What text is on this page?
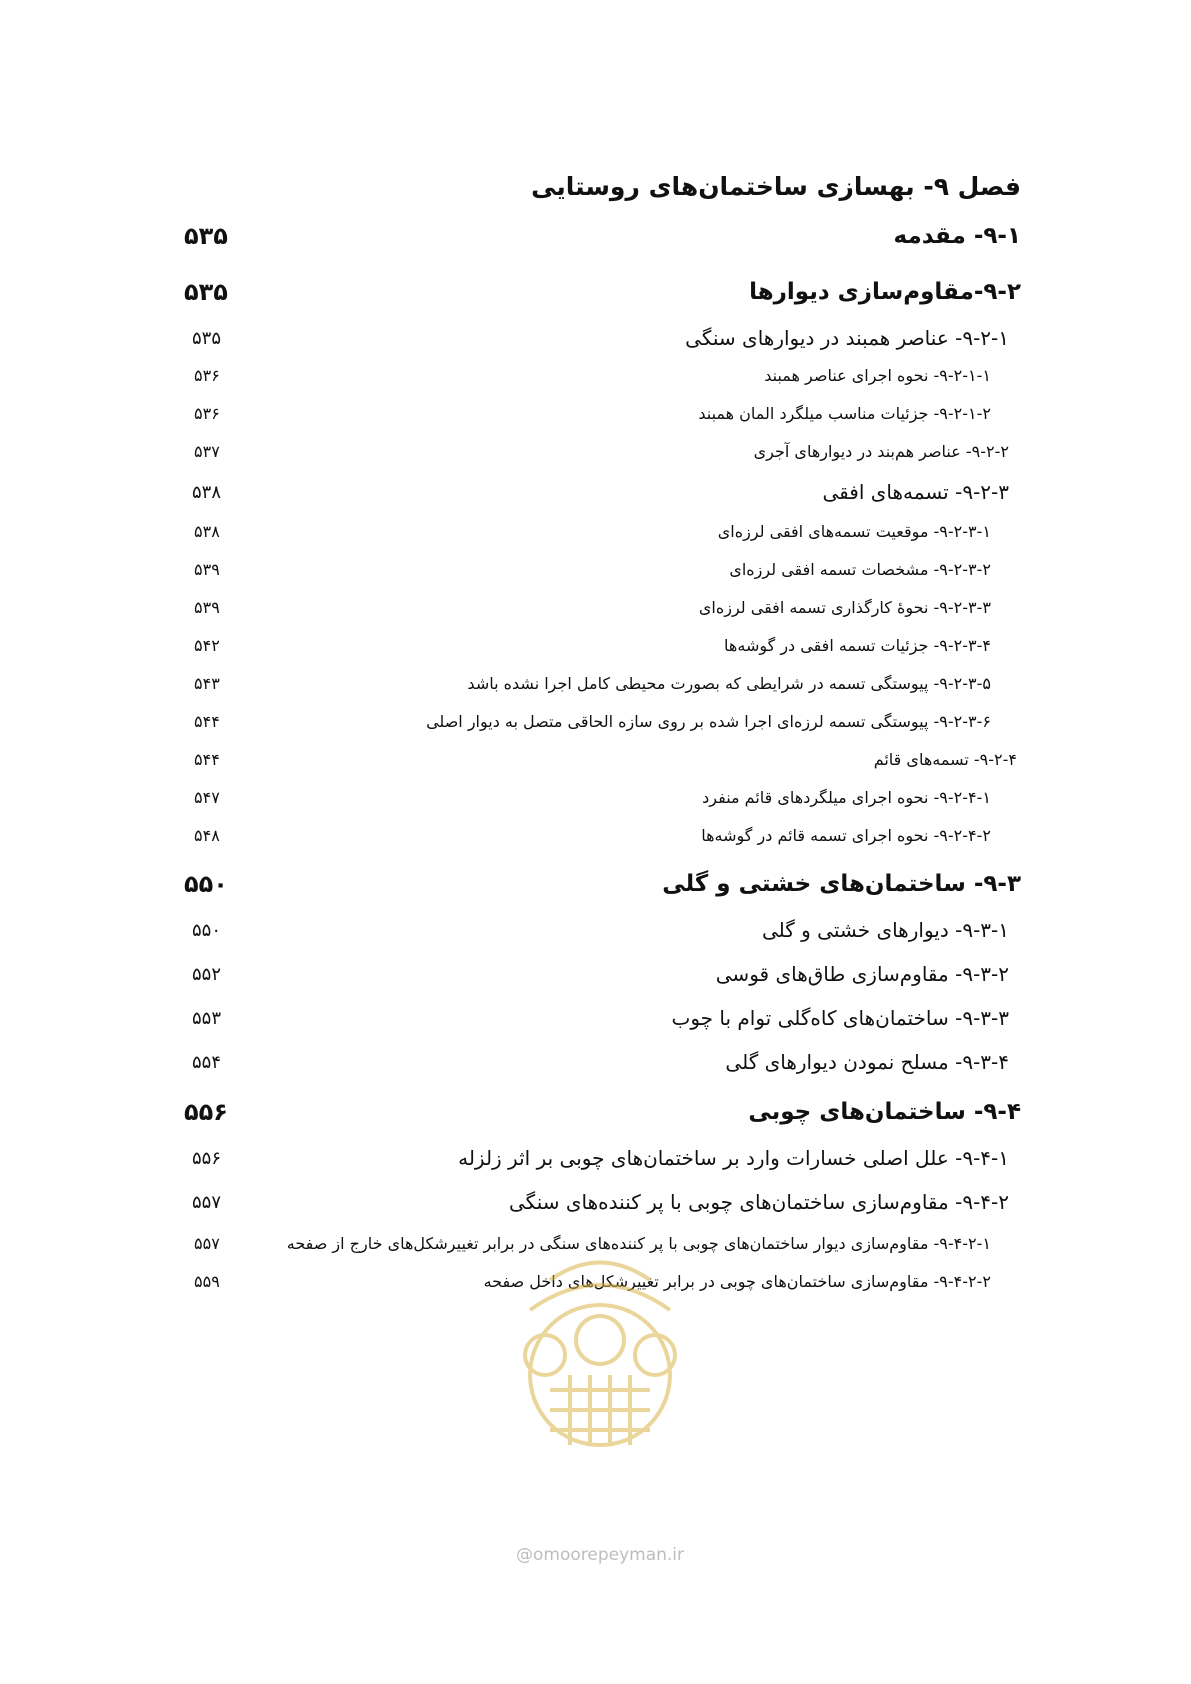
فصل ۹- بهسازی ساختمان‌های روستایی
۹-۱- مقدمه
۵۳۵
۹-۲-مقاوم‌سازی دیوارها
۵۳۵
۹-۲-۱- عناصر همبند در دیوارهای سنگی
۵۳۵
۹-۲-۱-۱- نحوه اجرای عناصر همبند
۵۳۶
۹-۲-۱-۲- جزئیات مناسب میلگرد المان همبند
۵۳۶
۹-۲-۲- عناصر هم‌بند در دیوارهای آجری
۵۳۷
۹-۲-۳- تسمه‌های افقی
۵۳۸
۹-۲-۳-۱- موقعیت تسمه‌های افقی لرزه‌ای
۵۳۸
۹-۲-۳-۲- مشخصات تسمه افقی لرزه‌ای
۵۳۹
۹-۲-۳-۳- نحوهٔ کارگذاری تسمه افقی لرزه‌ای
۵۳۹
۹-۲-۳-۴- جزئیات تسمه افقی در گوشه‌ها
۵۴۲
۹-۲-۳-۵- پیوستگی تسمه در شرایطی که بصورت محیطی کامل اجرا نشده باشد
۵۴۳
۹-۲-۳-۶- پیوستگی تسمه لرزه‌ای اجرا شده بر روی سازه الحاقی متصل به دیوار اصلی
۵۴۴
۹-۲-۴- تسمه‌های قائم
۵۴۴
۹-۲-۴-۱- نحوه اجرای میلگردهای قائم منفرد
۵۴۷
۹-۲-۴-۲- نحوه اجرای تسمه قائم در گوشه‌ها
۵۴۸
۹-۳- ساختمان‌های خشتی و گلی
۵۵۰
۹-۳-۱- دیوارهای خشتی و گلی
۵۵۰
۹-۳-۲- مقاوم‌سازی طاق‌های قوسی
۵۵۲
۹-۳-۳- ساختمان‌های کاه‌گلی توام با چوب
۵۵۳
۹-۳-۴- مسلح نمودن دیوارهای گلی
۵۵۴
۹-۴- ساختمان‌های چوبی
۵۵۶
۹-۴-۱- علل اصلی خسارات وارد بر ساختمان‌های چوبی بر اثر زلزله
۵۵۶
۹-۴-۲- مقاوم‌سازی ساختمان‌های چوبی با پر کننده‌های سنگی
۵۵۷
۹-۴-۲-۱- مقاوم‌سازی دیوار ساختمان‌های چوبی با پر کننده‌های سنگی در برابر تغییرشکل‌های خارج از صفحه
۵۵۷
۹-۴-۲-۲- مقاوم‌سازی ساختمان‌های چوبی در برابر تغییرشکل‌های داخل صفحه
۵۵۹
@omoorepeyman.ir
